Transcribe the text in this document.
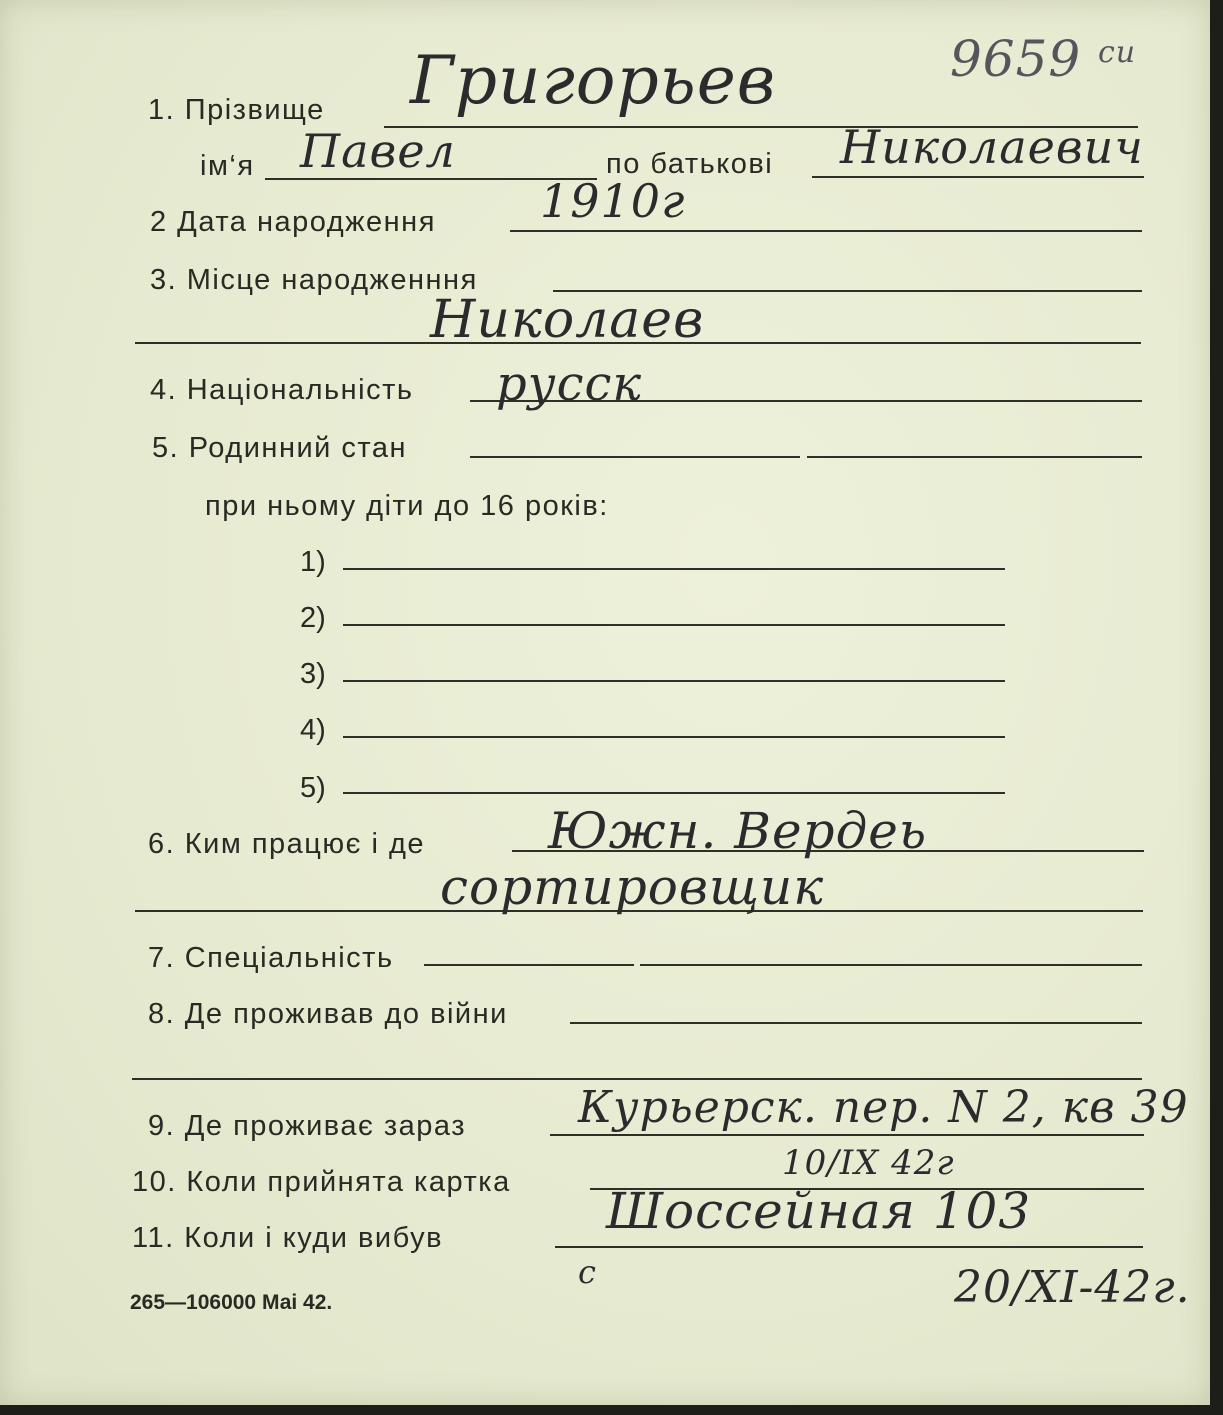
1. Прізвище Григорьев	9659 си
ім‘я Павел	по батькові Николаевич
2 Дата народження 1910г
3. Місце народженння
Николаев
4. Національність русск
5. Родинний стан
при ньому діти до 16 років:
1)
2)
3)
4)
5)
6. Ким працює і де Южн. Вердеь
сортировщик
7. Спеціальність
8. Де проживав до війни
9. Де проживає зараз	Курьерск. пер. N 2, кв 39
10. Коли прийнята картка	10/IX 42г
11. Коли і куди вибув	Шоссейная 103
с	20/XI-42г.
265—106000 Маі 42.
